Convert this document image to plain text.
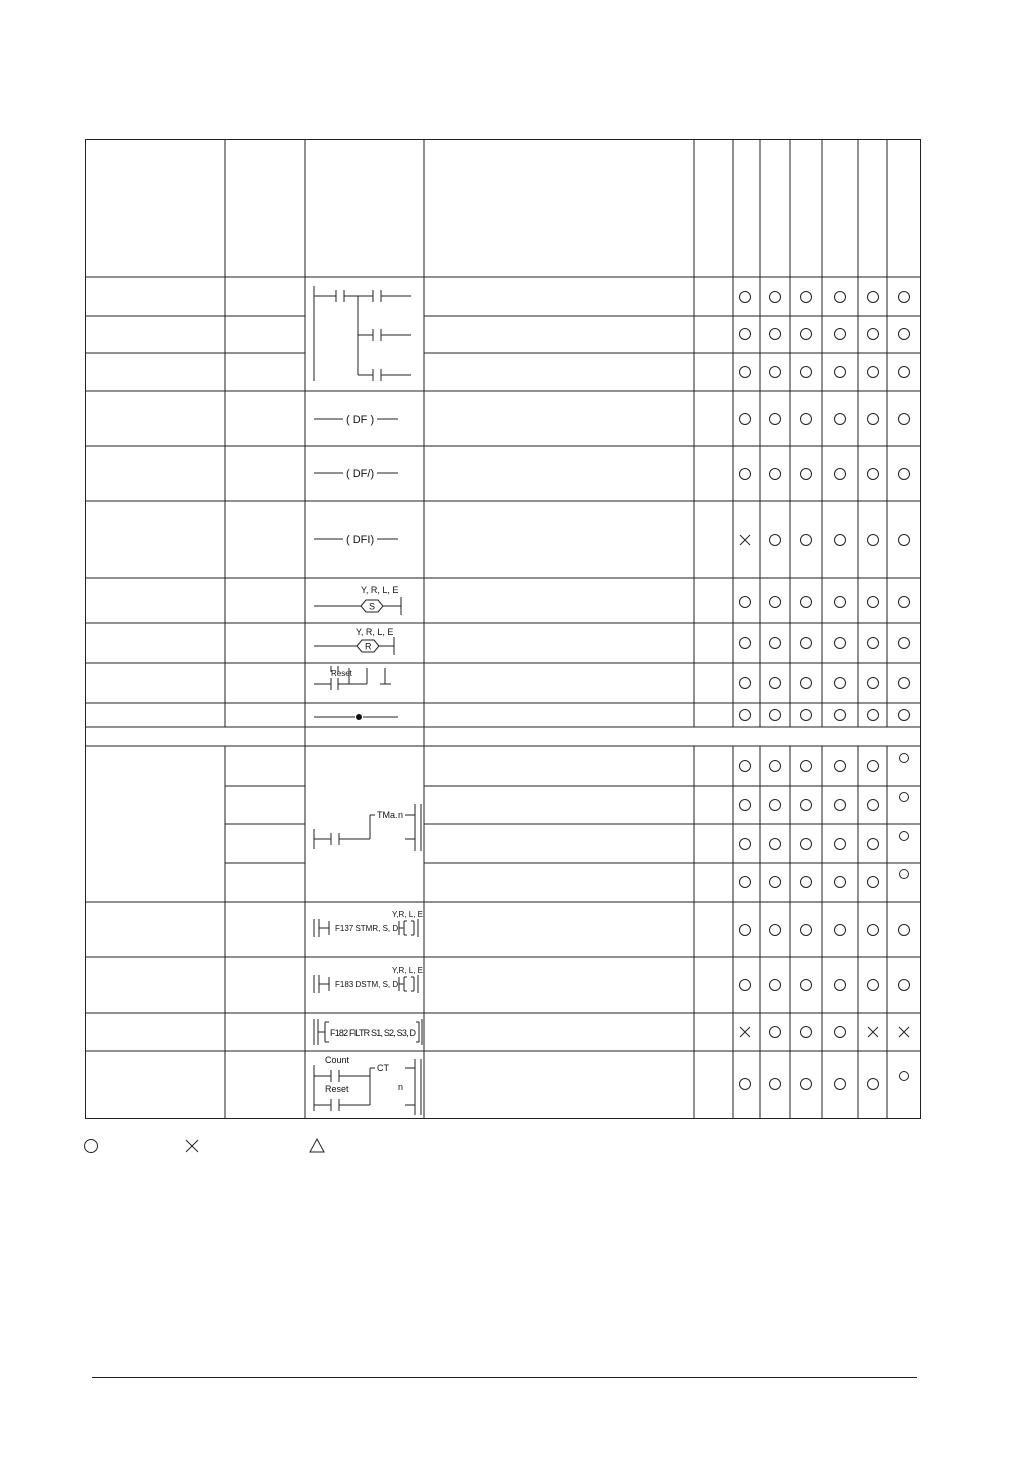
( DF )
( DF/)
( DFI)
Y, R, L, E
S
Y, R, L, E
R
Reset
TMa. n
Y,R, L, E
F137 STMR, S, D
Y,R, L, E
F183 DSTM, S, D
F182 FILTR S1, S2, S3, D
Count
Reset
CT
n
